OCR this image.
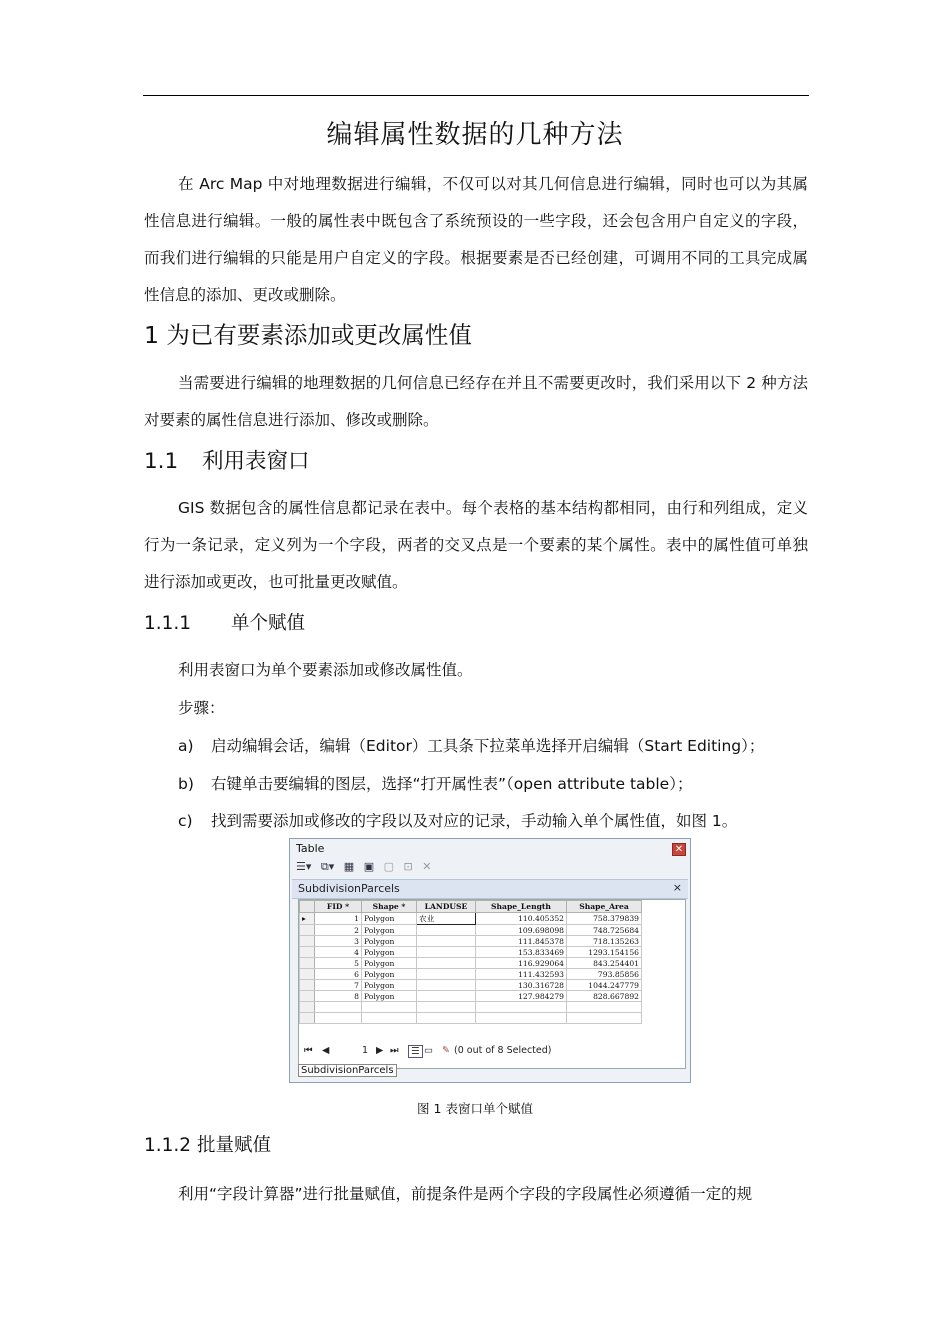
编辑属性数据的几种方法

在 Arc Map 中对地理数据进行编辑，不仅可以对其几何信息进行编辑，同时也可以为其属性信息进行编辑。一般的属性表中既包含了系统预设的一些字段，还会包含用户自定义的字段，而我们进行编辑的只能是用户自定义的字段。根据要素是否已经创建，可调用不同的工具完成属性信息的添加、更改或删除。

1 为已有要素添加或更改属性值

当需要进行编辑的地理数据的几何信息已经存在并且不需要更改时，我们采用以下 2 种方法对要素的属性信息进行添加、修改或删除。

1.1 利用表窗口

GIS 数据包含的属性信息都记录在表中。每个表格的基本结构都相同，由行和列组成，定义行为一条记录，定义列为一个字段，两者的交叉点是一个要素的某个属性。表中的属性值可单独进行添加或更改，也可批量更改赋值。

1.1.1 单个赋值
利用表窗口为单个要素添加或修改属性值。
步骤：
a) 启动编辑会话，编辑（Editor）工具条下拉菜单选择开启编辑（Start Editing）；
b) 右键单击要编辑的图层，选择“打开属性表”（open attribute table）；
c) 找到需要添加或修改的字段以及对应的记录，手动输入单个属性值，如图 1。
Table	✕
☰▾ ⧉▾ ▦ ▣ ▢ ⊡ ✕
SubdivisionParcels	×
	FID *	Shape *	LANDUSE	Shape_Length	Shape_Area
▸	1	Polygon	农业	110.405352	758.379839
	2	Polygon		109.698098	748.725684
	3	Polygon		111.845378	718.135263
	4	Polygon		153.833469	1293.154156
	5	Polygon		116.929064	843.254401
	6	Polygon		111.432593	793.85856
	7	Polygon		130.316728	1044.247779
	8	Polygon		127.984279	828.667892

⏮ ◀	1 ▶ ⏭	☰ ▭ ✎ (0 out of 8 Selected)
SubdivisionParcels
图 1 表窗口单个赋值
1.1.2 批量赋值
利用“字段计算器”进行批量赋值，前提条件是两个字段的字段属性必须遵循一定的规
